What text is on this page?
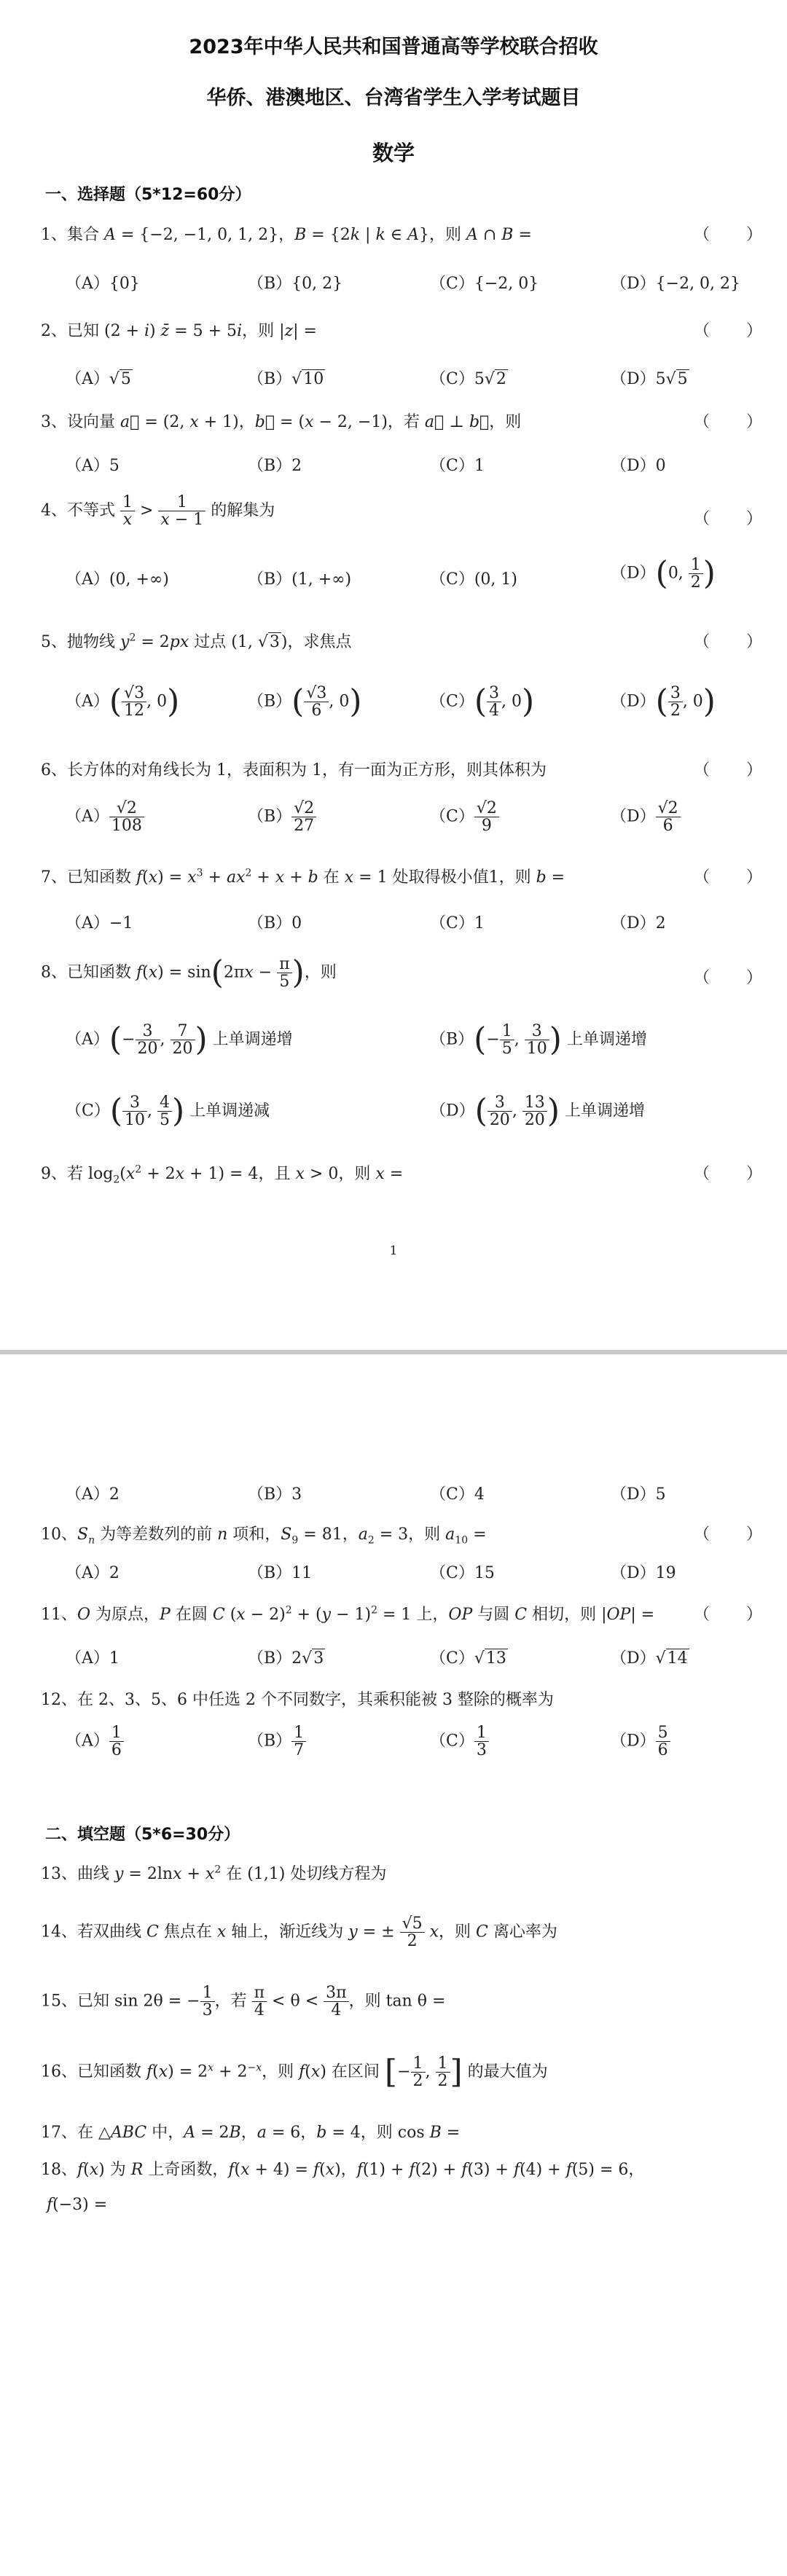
2023年中华人民共和国普通高等学校联合招收
华侨、港澳地区、台湾省学生入学考试题目
数学
一、选择题（5*12=60分）
1、集合 A = {−2, −1, 0, 1, 2}，B = {2k | k ∈ A}，则 A ∩ B =	（　　）
（A）{0}	（B）{0, 2}	（C）{−2, 0}	（D）{−2, 0, 2}
2、已知 (2 + i) z̄ = 5 + 5i，则 |z| =	（　　）
（A）√5	（B）√10	（C）5√2	（D）5√5
3、设向量 a⃗ = (2, x + 1)，b⃗ = (x − 2, −1)，若 a⃗ ⊥ b⃗，则	（　　）
（A）5	（B）2	（C）1	（D）0
4、不等式 $\frac{1}{x} > \frac{1}{x - 1}$ 的解集为	（　　）
（A）(0, +∞)	（B）(1, +∞)	（C）(0, 1)	（D）(0, $\frac{1}{2}$ )
5、抛物线 $y^2 = 2px$ 过点 (1, √3)，求焦点	（　　）
$(A)( \frac{√3}{12}$ , 0)	$(B)( \frac{√3}{6}$ , 0)	$(C)( \frac{3}{4}$ , 0)	$(D)( \frac{3}{2}$ , 0)
6、长方体的对角线长为 1，表面积为 1，有一面为正方形，则其体积为	（　　）
$(A) \frac{√2}{108}$	$(B) \frac{√2}{27}$	$(C) \frac{√2}{9}$	$(D) \frac{√2}{6}$
7、已知函数 $f(x) = x^3 + ax^2 + x + b$ 在 x = 1 处取得极小值1，则 b =	（　　）
（A）−1	（B）0	（C）1	（D）2
8、已知函数 $f(x) = \sin(2\pi x - \frac{\pi}{5}$ )，则	（　　）
$(A)(- \frac{3}{20}$ , $\frac{7}{20}$ ) 上单调递增	$(B)(- \frac{1}{5}$ , $\frac{3}{10}$ ) 上单调递增
$(C)( \frac{3}{10}$ , $\frac{4}{5}$ ) 上单调递减	$(D)( \frac{3}{20}$ , $\frac{13}{20}$ ) 上单调递增
9、若 $\log_2(x^2 + 2x + 1) = 4$，且 x > 0，则 x =	（　　）
1
（A）2	（B）3	（C）4	（D）5
10、$S_n$ 为等差数列的前 n 项和，$S_9 = 81$，$a_2 = 3$，则 $a_{10}$ =	（　　）
（A）2	（B）11	（C）15	（D）19
11、O 为原点，P 在圆 C $(x - 2)^2 + (y - 1)^2 = 1$ 上，OP 与圆 C 相切，则 |OP| = （　　）
（A）1	（B）2√3	（C）√13	（D）√14
12、在 2、3、5、6 中任选 2 个不同数字，其乘积能被 3 整除的概率为
$(A) \frac{1}{6}$	$(B) \frac{1}{7}$	$(C) \frac{1}{3}$	$(D) \frac{5}{6}$
二、填空题（5*6=30分）
13、曲线 $y = 2\ln x + x^2$ 在 (1,1) 处切线方程为
14、若双曲线 C 焦点在 x 轴上，渐近线为 y = ± $\frac{√5}{2}$ x，则 C 离心率为
15、已知 sin 2θ = − $\frac{1}{3}$ ，若 $\frac{\pi}{4} < \theta < \frac{3\pi}{4}$ ，则 tan θ =
16、已知函数 $f(x) = 2^x + 2^{-x}$，则 f(x) 在区间 [− $\frac{1}{2}$ , $\frac{1}{2}$ ] 的最大值为
17、在 △ABC 中，A = 2B，a = 6，b = 4，则 cos B =
18、f(x) 为 R 上奇函数，f(x + 4) = f(x)，f(1) + f(2) + f(3) + f(4) + f(5) = 6，
f(−3) =
